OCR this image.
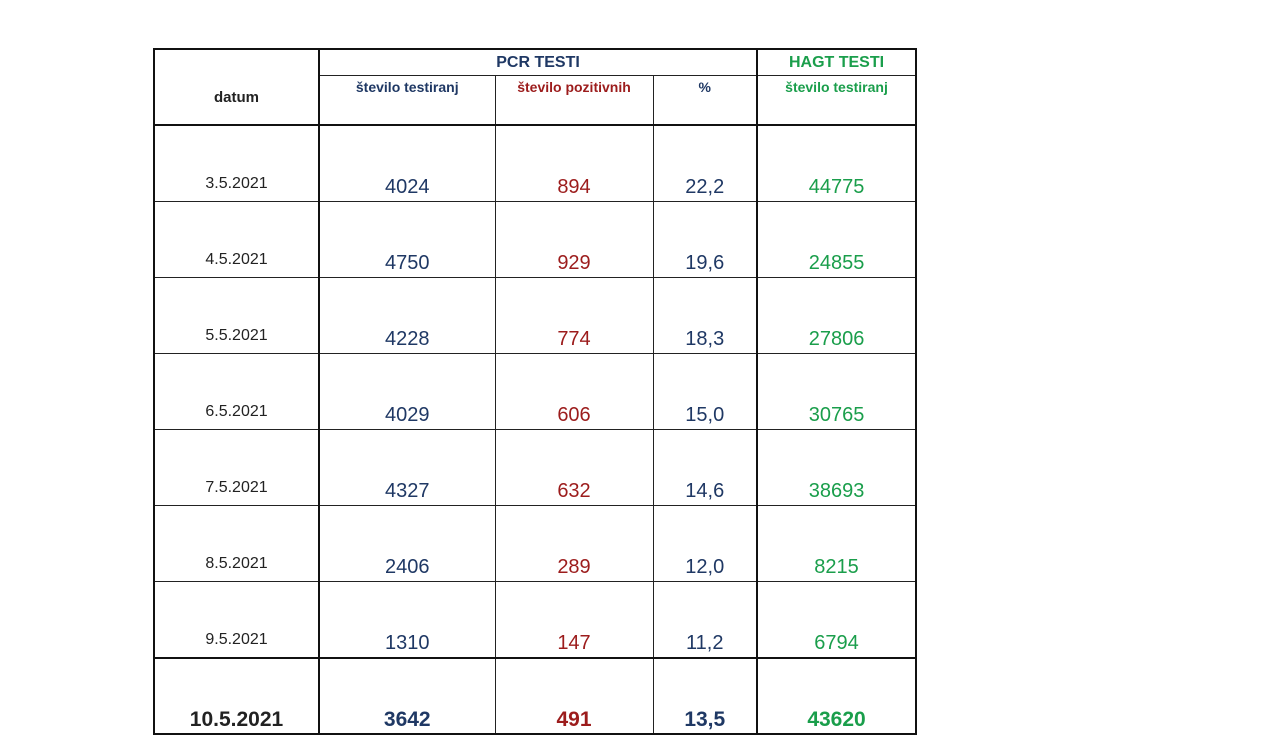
datum	PCR TESTI			HAGT TESTI
	število testiranj	število pozitivnih	%	število testiranj
3.5.2021	4024	894	22,2	44775
4.5.2021	4750	929	19,6	24855
5.5.2021	4228	774	18,3	27806
6.5.2021	4029	606	15,0	30765
7.5.2021	4327	632	14,6	38693
8.5.2021	2406	289	12,0	8215
9.5.2021	1310	147	11,2	6794
10.5.2021	3642	491	13,5	43620
